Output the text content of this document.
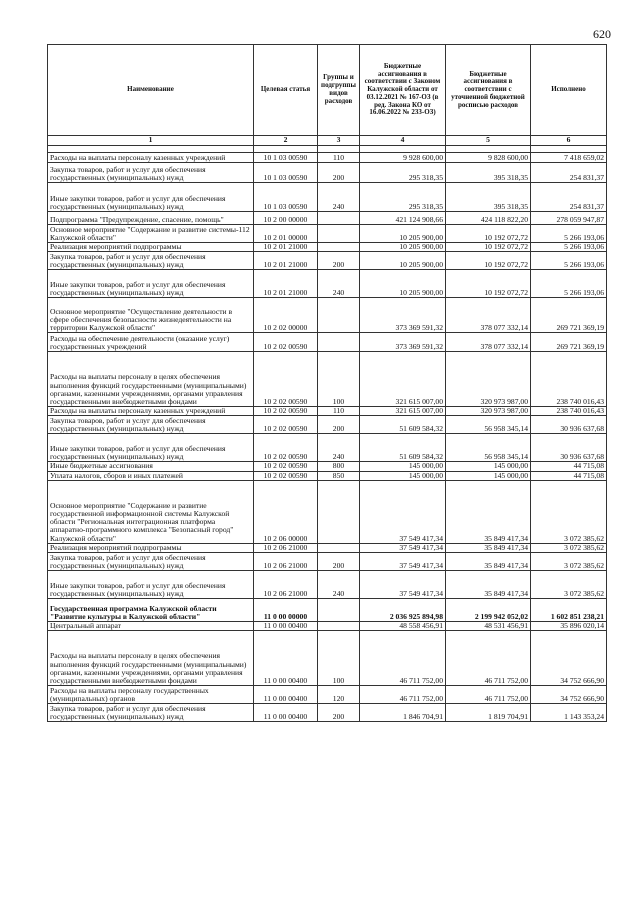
620
Наименование	Целевая статья	Группы и подгруппы видов расходов	Бюджетные ассигнования в соответствии с Законом Калужской области от 03.12.2021 № 167-ОЗ (в ред. Закона КО от 16.06.2022 № 233-ОЗ)	Бюджетные ассигнования в соответствии с уточненной бюджетной росписью расходов	Исполнено
1	2	3	4	5	6

Расходы на выплаты персоналу казенных учреждений	10 1 03 00590	110	9 928 600,00	9 828 600,00	7 418 659,02
Закупка товаров, работ и услуг для обеспечения государственных (муниципальных) нужд	10 1 03 00590	200	295 318,35	395 318,35	254 831,37
Иные закупки товаров, работ и услуг для обеспечения государственных (муниципальных) нужд	10 1 03 00590	240	295 318,35	395 318,35	254 831,37
Подпрограмма "Предупреждение, спасение, помощь"	10 2 00 00000		421 124 908,66	424 118 822,20	278 059 947,87
Основное мероприятие "Содержание и развитие системы-112 Калужской области"	10 2 01 00000		10 205 900,00	10 192 072,72	5 266 193,06
Реализация мероприятий подпрограммы	10 2 01 21000		10 205 900,00	10 192 072,72	5 266 193,06
Закупка товаров, работ и услуг для обеспечения государственных (муниципальных) нужд	10 2 01 21000	200	10 205 900,00	10 192 072,72	5 266 193,06
Иные закупки товаров, работ и услуг для обеспечения государственных (муниципальных) нужд	10 2 01 21000	240	10 205 900,00	10 192 072,72	5 266 193,06
Основное мероприятие "Осуществление деятельности в сфере обеспечения безопасности жизнедеятельности на территории Калужской области"	10 2 02 00000		373 369 591,32	378 077 332,14	269 721 369,19
Расходы на обеспечение деятельности (оказание услуг) государственных учреждений	10 2 02 00590		373 369 591,32	378 077 332,14	269 721 369,19
Расходы на выплаты персоналу в целях обеспечения выполнения функций государственными (муниципальными) органами, казенными учреждениями, органами управления государственными внебюджетными фондами	10 2 02 00590	100	321 615 007,00	320 973 987,00	238 740 016,43
Расходы на выплаты персоналу казенных учреждений	10 2 02 00590	110	321 615 007,00	320 973 987,00	238 740 016,43
Закупка товаров, работ и услуг для обеспечения государственных (муниципальных) нужд	10 2 02 00590	200	51 609 584,32	56 958 345,14	30 936 637,68
Иные закупки товаров, работ и услуг для обеспечения государственных (муниципальных) нужд	10 2 02 00590	240	51 609 584,32	56 958 345,14	30 936 637,68
Иные бюджетные ассигнования	10 2 02 00590	800	145 000,00	145 000,00	44 715,08
Уплата налогов, сборов и иных платежей	10 2 02 00590	850	145 000,00	145 000,00	44 715,08
Основное мероприятие "Содержание и развитие государственной информационной системы Калужской области "Региональная интеграционная платформа аппаратно-программного комплекса "Безопасный город" Калужской области"	10 2 06 00000		37 549 417,34	35 849 417,34	3 072 385,62
Реализация мероприятий подпрограммы	10 2 06 21000		37 549 417,34	35 849 417,34	3 072 385,62
Закупка товаров, работ и услуг для обеспечения государственных (муниципальных) нужд	10 2 06 21000	200	37 549 417,34	35 849 417,34	3 072 385,62
Иные закупки товаров, работ и услуг для обеспечения государственных (муниципальных) нужд	10 2 06 21000	240	37 549 417,34	35 849 417,34	3 072 385,62
Государственная программа Калужской области "Развитие культуры в Калужской области"	11 0 00 00000		2 036 925 894,98	2 199 942 052,02	1 602 851 238,21
Центральный аппарат	11 0 00 00400		48 558 456,91	48 531 456,91	35 896 020,14
Расходы на выплаты персоналу в целях обеспечения выполнения функций государственными (муниципальными) органами, казенными учреждениями, органами управления государственными внебюджетными фондами	11 0 00 00400	100	46 711 752,00	46 711 752,00	34 752 666,90
Расходы на выплаты персоналу государственных (муниципальных) органов	11 0 00 00400	120	46 711 752,00	46 711 752,00	34 752 666,90
Закупка товаров, работ и услуг для обеспечения государственных (муниципальных) нужд	11 0 00 00400	200	1 846 704,91	1 819 704,91	1 143 353,24
